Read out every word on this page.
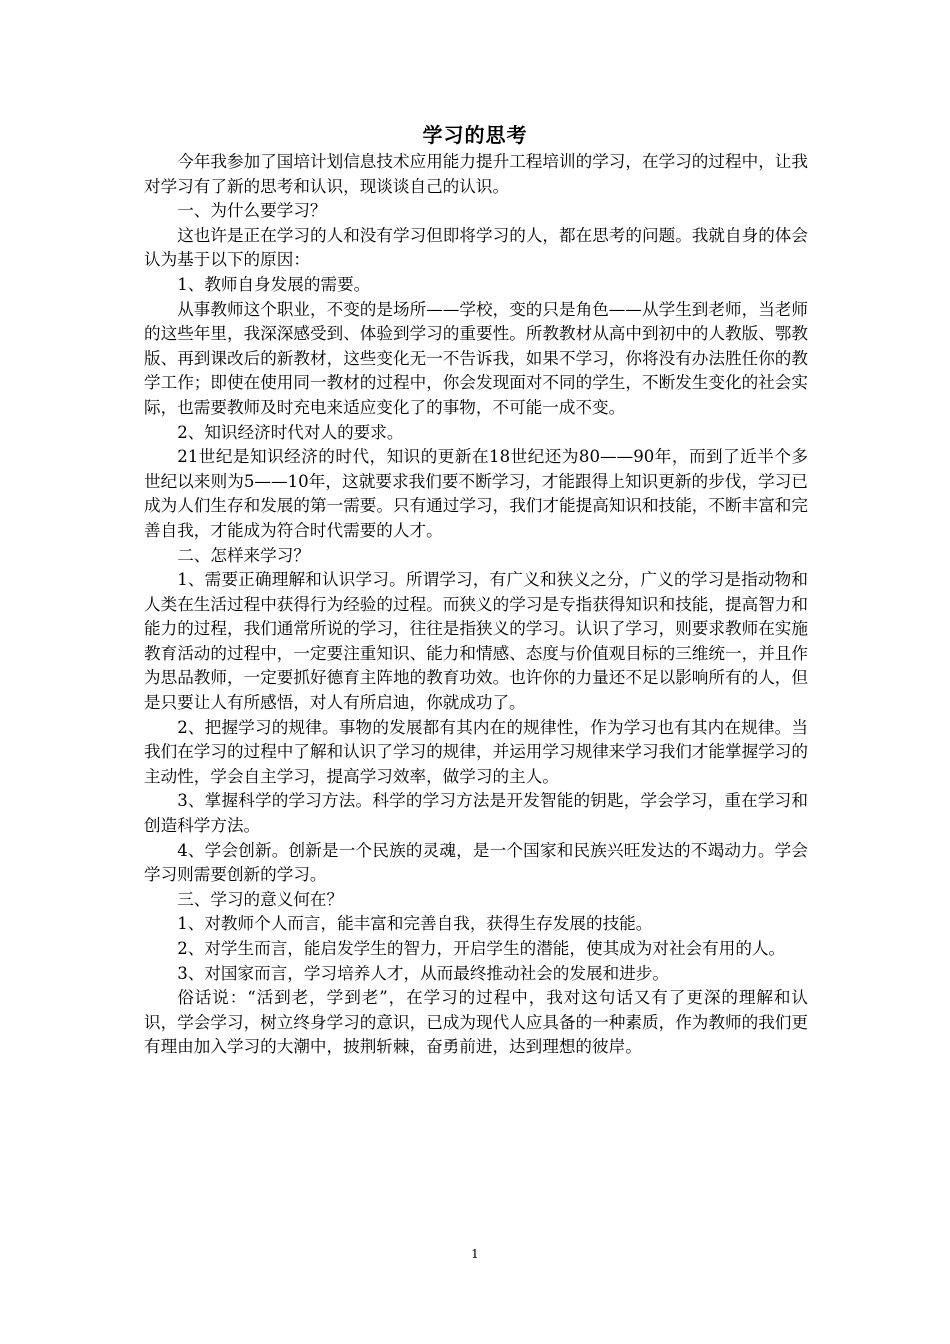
学习的思考

今年我参加了国培计划信息技术应用能力提升工程培训的学习，在学习的过程中，让我对学习有了新的思考和认识，现谈谈自己的认识。

一、为什么要学习？

这也许是正在学习的人和没有学习但即将学习的人，都在思考的问题。我就自身的体会认为基于以下的原因：

1、教师自身发展的需要。

从事教师这个职业，不变的是场所——学校，变的只是角色——从学生到老师，当老师的这些年里，我深深感受到、体验到学习的重要性。所教教材从高中到初中的人教版、鄂教版、再到课改后的新教材，这些变化无一不告诉我，如果不学习，你将没有办法胜任你的教学工作；即使在使用同一教材的过程中，你会发现面对不同的学生，不断发生变化的社会实际，也需要教师及时充电来适应变化了的事物，不可能一成不变。

2、知识经济时代对人的要求。

21世纪是知识经济的时代，知识的更新在18世纪还为80——90年，而到了近半个多世纪以来则为5——10年，这就要求我们要不断学习，才能跟得上知识更新的步伐，学习已成为人们生存和发展的第一需要。只有通过学习，我们才能提高知识和技能，不断丰富和完善自我，才能成为符合时代需要的人才。

二、怎样来学习？

1、需要正确理解和认识学习。所谓学习，有广义和狭义之分，广义的学习是指动物和人类在生活过程中获得行为经验的过程。而狭义的学习是专指获得知识和技能，提高智力和能力的过程，我们通常所说的学习，往往是指狭义的学习。认识了学习，则要求教师在实施教育活动的过程中，一定要注重知识、能力和情感、态度与价值观目标的三维统一，并且作为思品教师，一定要抓好德育主阵地的教育功效。也许你的力量还不足以影响所有的人，但是只要让人有所感悟，对人有所启迪，你就成功了。

2、把握学习的规律。事物的发展都有其内在的规律性，作为学习也有其内在规律。当我们在学习的过程中了解和认识了学习的规律，并运用学习规律来学习我们才能掌握学习的主动性，学会自主学习，提高学习效率，做学习的主人。

3、掌握科学的学习方法。科学的学习方法是开发智能的钥匙，学会学习，重在学习和创造科学方法。

4、学会创新。创新是一个民族的灵魂，是一个国家和民族兴旺发达的不竭动力。学会学习则需要创新的学习。

三、学习的意义何在？

1、对教师个人而言，能丰富和完善自我，获得生存发展的技能。

2、对学生而言，能启发学生的智力，开启学生的潜能，使其成为对社会有用的人。

3、对国家而言，学习培养人才，从而最终推动社会的发展和进步。

俗话说：“活到老，学到老”，在学习的过程中，我对这句话又有了更深的理解和认识，学会学习，树立终身学习的意识，已成为现代人应具备的一种素质，作为教师的我们更有理由加入学习的大潮中，披荆斩棘，奋勇前进，达到理想的彼岸。

1
